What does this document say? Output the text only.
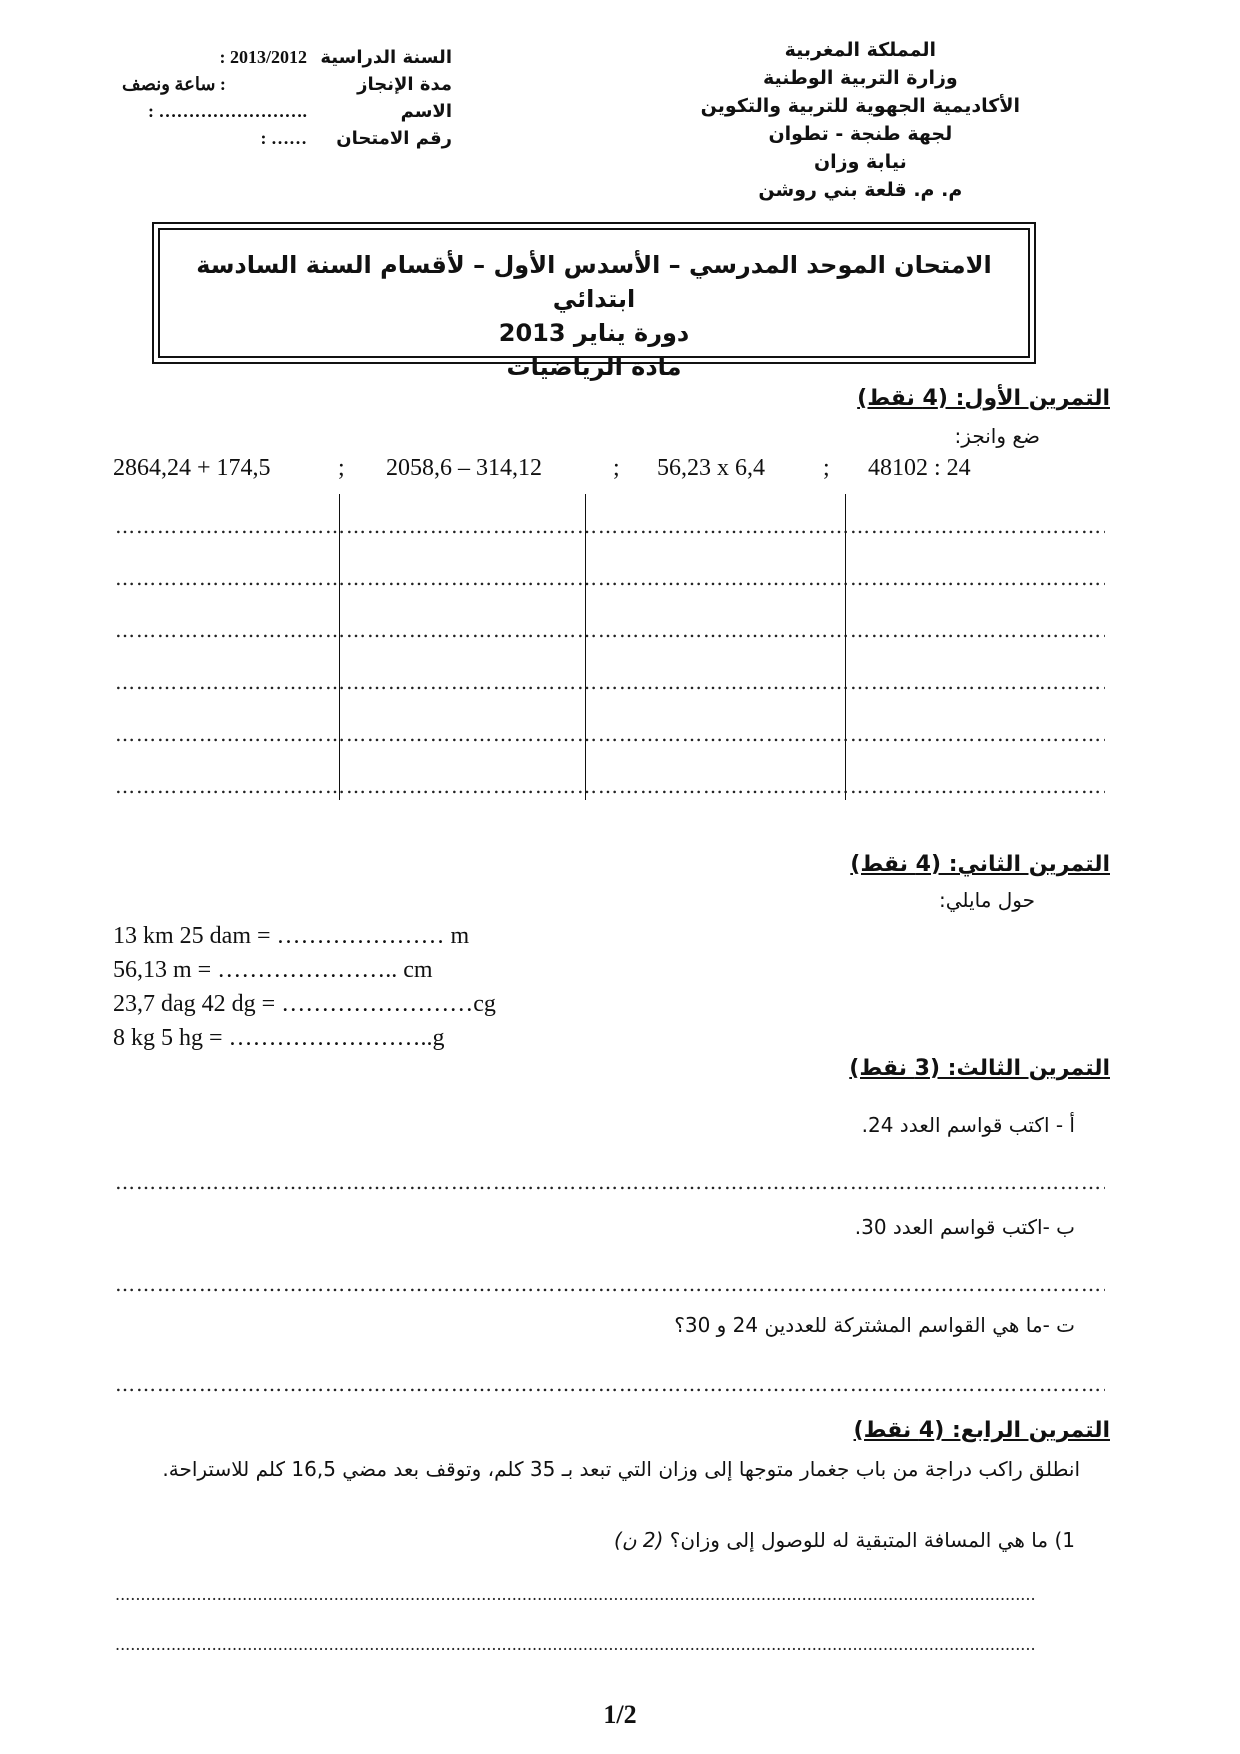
المملكة المغربية
وزارة التربية الوطنية
الأكاديمية الجهوية للتربية والتكوين
لجهة طنجة - تطوان
نيابة وزان
م. م. قلعة بني روشن
: 2013/2012 السنة الدراسية
: ساعة ونصف	مدة الإنجاز
: …………………….	الاسم
: ……	رقم الامتحان
الامتحان الموحد المدرسي – الأسدس الأول – لأقسام السنة السادسة ابتدائي
دورة يناير 2013
مادة الرياضيات
التمرين الأول: (4 نقط)
ضع وانجز:
2864,24 + 174,5	; 2058,6 – 314,12	; 56,23 x 6,4 ; 48102 : 24
……………………………………………………………………………………………………………………………………………………………………………………………………
……………………………………………………………………………………………………………………………………………………………………………………………………
……………………………………………………………………………………………………………………………………………………………………………………………………
……………………………………………………………………………………………………………………………………………………………………………………………………
……………………………………………………………………………………………………………………………………………………………………………………………………
……………………………………………………………………………………………………………………………………………………………………………………………………
التمرين الثاني: (4 نقط)
حول مايلي:
13 km 25 dam = ………………… m
56,13 m = ………………….. cm
23,7 dag 42 dg = ……………………cg
8 kg 5 hg = ……………………..g
التمرين الثالث: (3 نقط)
أ - اكتب قواسم العدد 24.
……………………………………………………………………………………………………………………………………………………………………………………………………
ب -اكتب قواسم العدد 30.
……………………………………………………………………………………………………………………………………………………………………………………………………
ت -ما هي القواسم المشتركة للعددين 24 و 30؟
……………………………………………………………………………………………………………………………………………………………………………………………………
التمرين الرابع: (4 نقط)
انطلق راكب دراجة من باب جغمار متوجها إلى وزان التي تبعد بـ 35 كلم، وتوقف بعد مضي 16,5 كلم للاستراحة.
1) ما هي المسافة المتبقية له للوصول إلى وزان؟ (2 ن)
.....
.....
1/2
